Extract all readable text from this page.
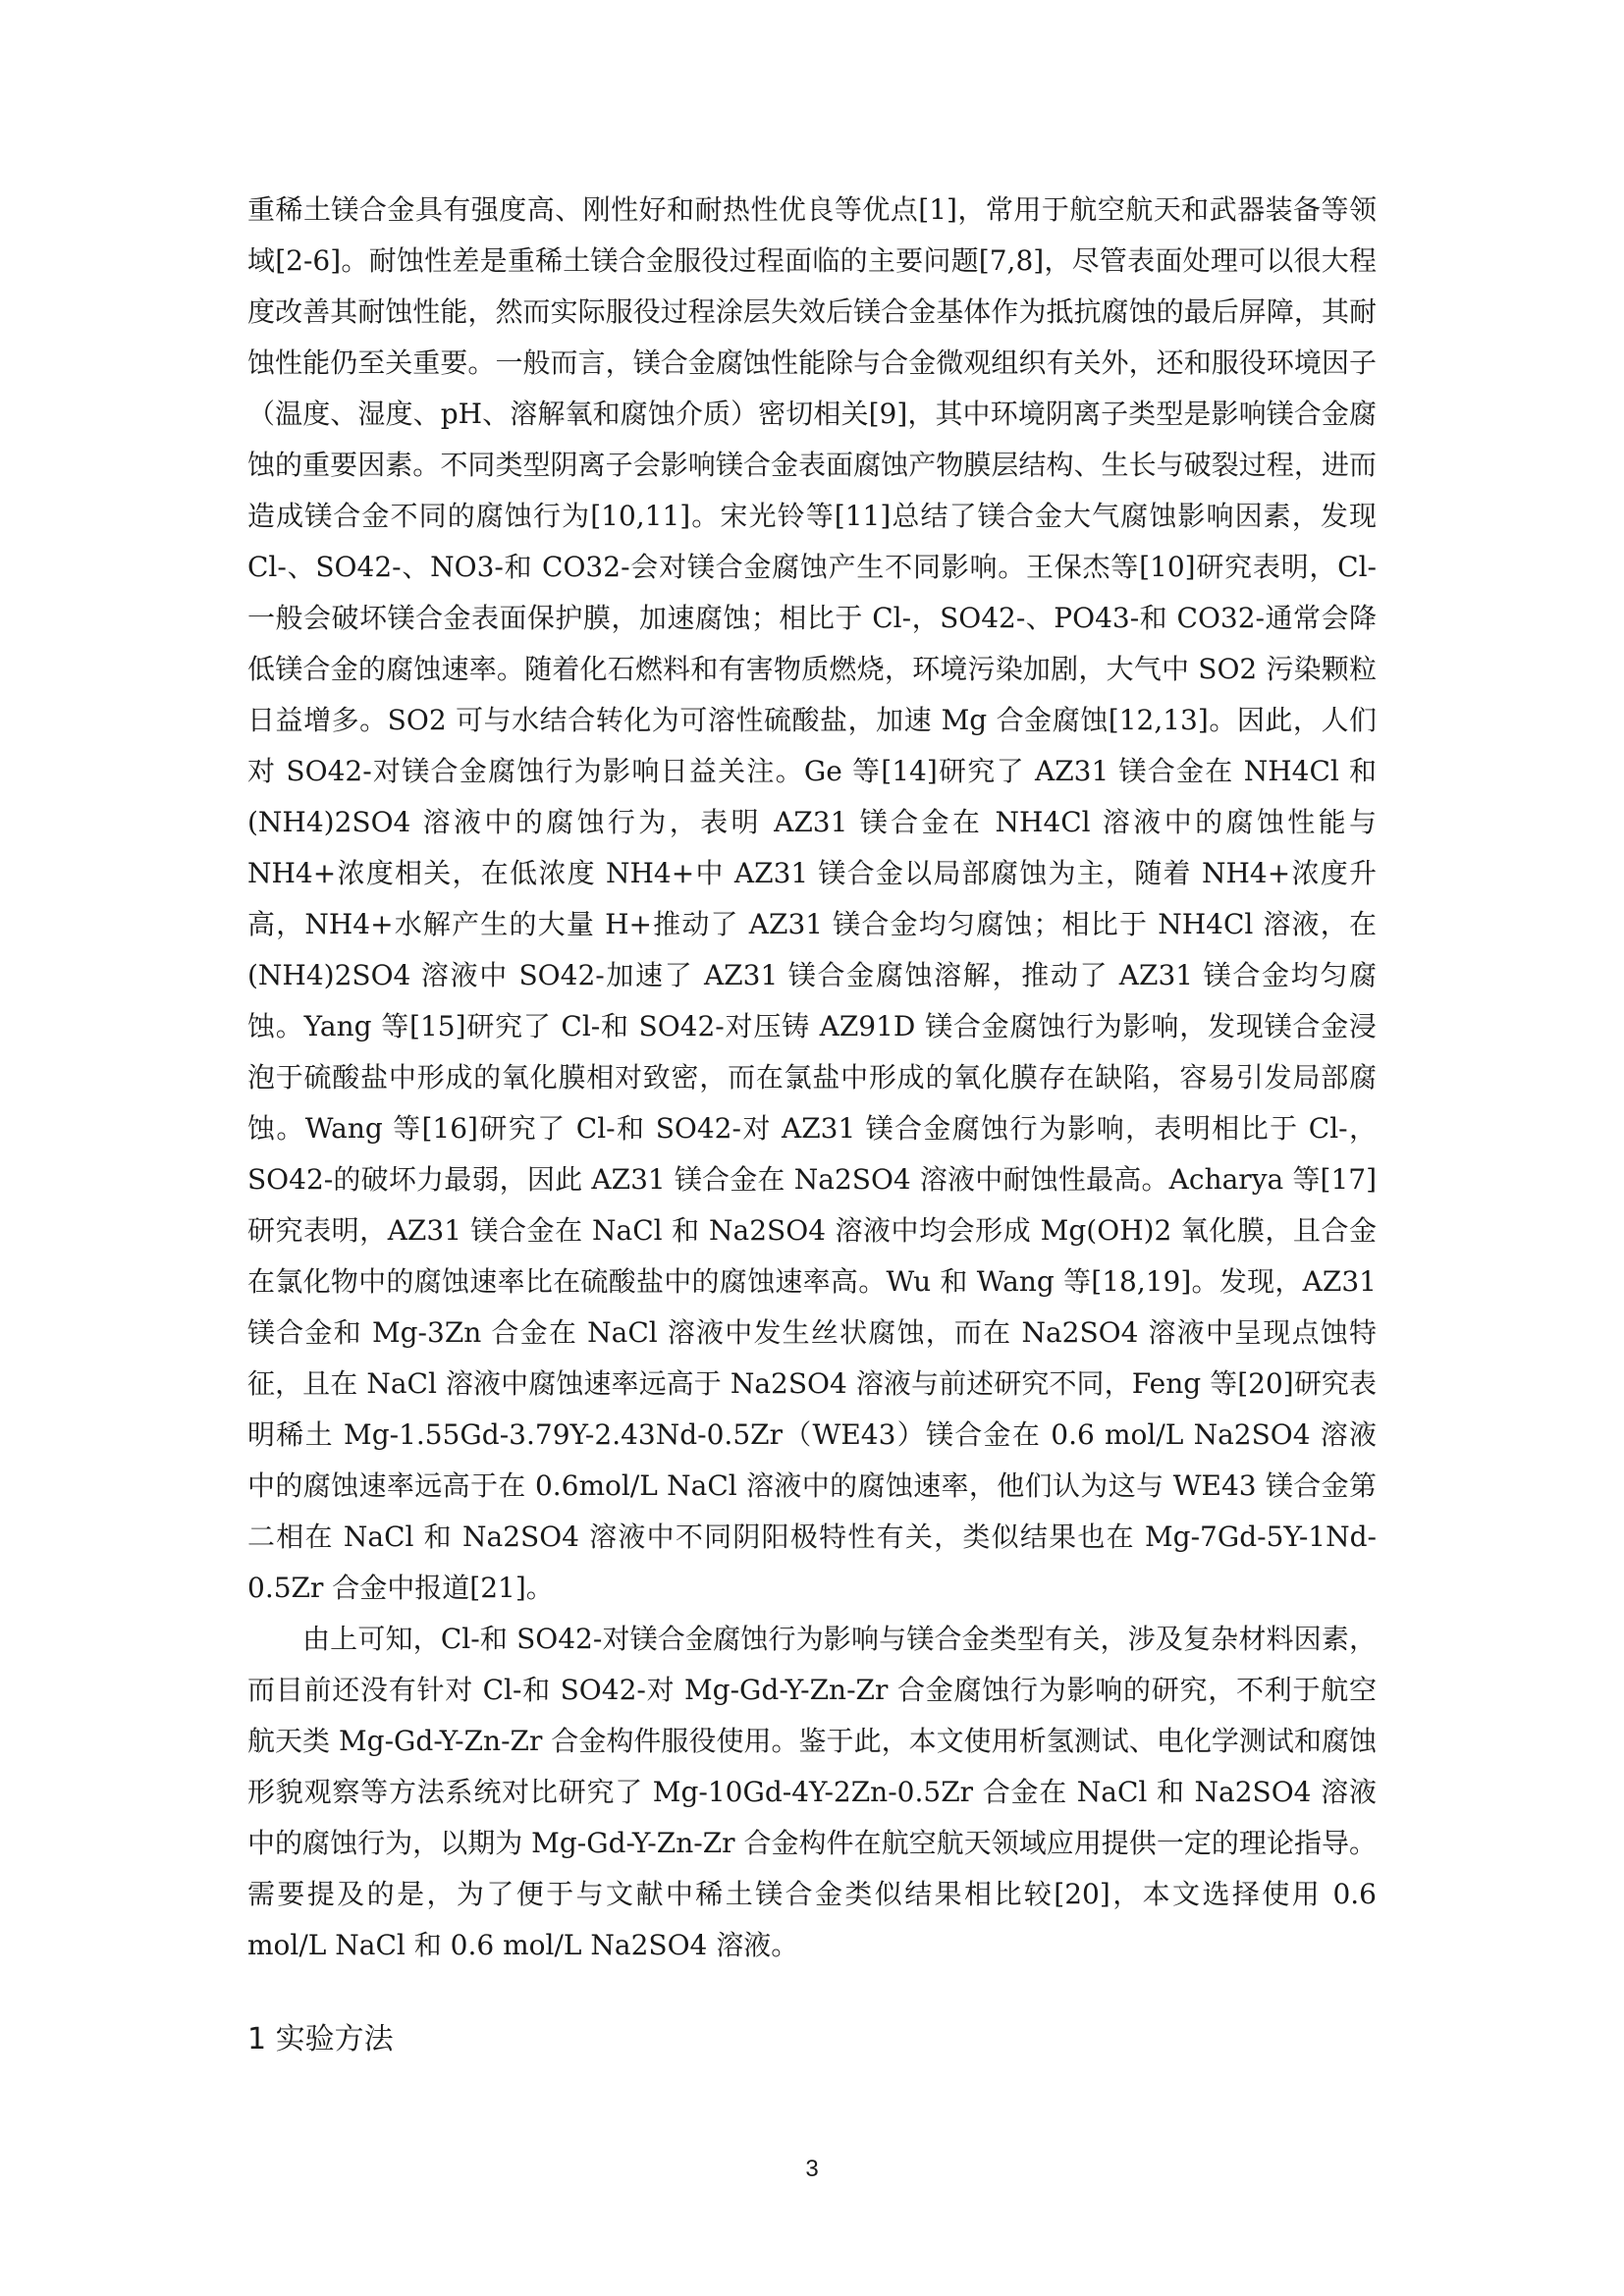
重稀土镁合金具有强度高、刚性好和耐热性优良等优点[1]，常用于航空航天和武器装备等领域[2-6]。耐蚀性差是重稀土镁合金服役过程面临的主要问题[7,8]，尽管表面处理可以很大程度改善其耐蚀性能，然而实际服役过程涂层失效后镁合金基体作为抵抗腐蚀的最后屏障，其耐蚀性能仍至关重要。一般而言，镁合金腐蚀性能除与合金微观组织有关外，还和服役环境因子（温度、湿度、pH、溶解氧和腐蚀介质）密切相关[9]，其中环境阴离子类型是影响镁合金腐蚀的重要因素。不同类型阴离子会影响镁合金表面腐蚀产物膜层结构、生长与破裂过程，进而造成镁合金不同的腐蚀行为[10,11]。宋光铃等[11]总结了镁合金大气腐蚀影响因素，发现 Cl-、SO42-、NO3-和 CO32-会对镁合金腐蚀产生不同影响。王保杰等[10]研究表明，Cl-一般会破坏镁合金表面保护膜，加速腐蚀；相比于 Cl-，SO42-、PO43-和 CO32-通常会降低镁合金的腐蚀速率。随着化石燃料和有害物质燃烧，环境污染加剧，大气中 SO2 污染颗粒日益增多。SO2 可与水结合转化为可溶性硫酸盐，加速 Mg 合金腐蚀[12,13]。因此，人们对 SO42-对镁合金腐蚀行为影响日益关注。Ge 等[14]研究了 AZ31 镁合金在 NH4Cl 和(NH4)2SO4 溶液中的腐蚀行为，表明 AZ31 镁合金在 NH4Cl 溶液中的腐蚀性能与 NH4+浓度相关，在低浓度 NH4+中 AZ31 镁合金以局部腐蚀为主，随着 NH4+浓度升高，NH4+水解产生的大量 H+推动了 AZ31 镁合金均匀腐蚀；相比于 NH4Cl 溶液，在(NH4)2SO4 溶液中 SO42-加速了 AZ31 镁合金腐蚀溶解，推动了 AZ31 镁合金均匀腐蚀。Yang 等[15]研究了 Cl-和 SO42-对压铸 AZ91D 镁合金腐蚀行为影响，发现镁合金浸泡于硫酸盐中形成的氧化膜相对致密，而在氯盐中形成的氧化膜存在缺陷，容易引发局部腐蚀。Wang 等[16]研究了 Cl-和 SO42-对 AZ31 镁合金腐蚀行为影响，表明相比于 Cl-，SO42-的破坏力最弱，因此 AZ31 镁合金在 Na2SO4 溶液中耐蚀性最高。Acharya 等[17]研究表明，AZ31 镁合金在 NaCl 和 Na2SO4 溶液中均会形成 Mg(OH)2 氧化膜，且合金在氯化物中的腐蚀速率比在硫酸盐中的腐蚀速率高。Wu 和 Wang 等[18,19]。发现，AZ31 镁合金和 Mg-3Zn 合金在 NaCl 溶液中发生丝状腐蚀，而在 Na2SO4 溶液中呈现点蚀特征，且在 NaCl 溶液中腐蚀速率远高于 Na2SO4 溶液与前述研究不同，Feng 等[20]研究表明稀土 Mg-1.55Gd-3.79Y-2.43Nd-0.5Zr（WE43）镁合金在 0.6 mol/L Na2SO4 溶液中的腐蚀速率远高于在 0.6mol/L NaCl 溶液中的腐蚀速率，他们认为这与 WE43 镁合金第二相在 NaCl 和 Na2SO4 溶液中不同阴阳极特性有关，类似结果也在 Mg-7Gd-5Y-1Nd-0.5Zr 合金中报道[21]。

由上可知，Cl-和 SO42-对镁合金腐蚀行为影响与镁合金类型有关，涉及复杂材料因素，而目前还没有针对 Cl-和 SO42-对 Mg-Gd-Y-Zn-Zr 合金腐蚀行为影响的研究，不利于航空航天类 Mg-Gd-Y-Zn-Zr 合金构件服役使用。鉴于此，本文使用析氢测试、电化学测试和腐蚀形貌观察等方法系统对比研究了 Mg-10Gd-4Y-2Zn-0.5Zr 合金在 NaCl 和 Na2SO4 溶液中的腐蚀行为，以期为 Mg-Gd-Y-Zn-Zr 合金构件在航空航天领域应用提供一定的理论指导。需要提及的是，为了便于与文献中稀土镁合金类似结果相比较[20]，本文选择使用 0.6 mol/L NaCl 和 0.6 mol/L Na2SO4 溶液。

1 实验方法
3
